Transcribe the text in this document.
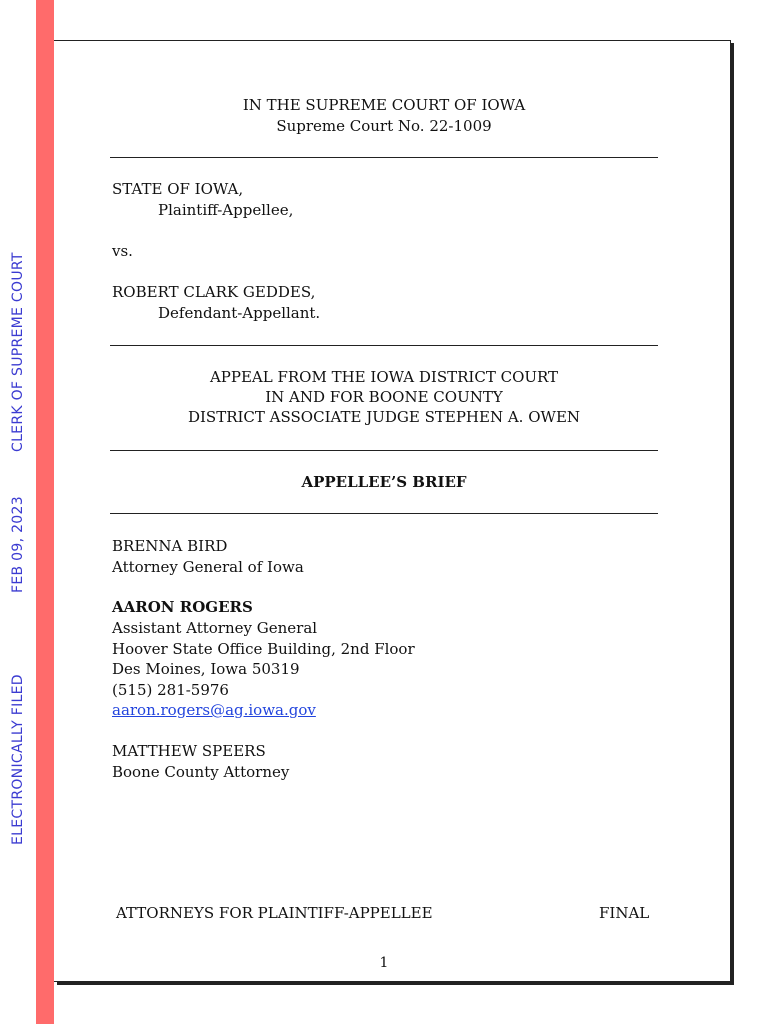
ELECTRONICALLY FILED
FEB 09, 2023
CLERK OF SUPREME COURT
IN THE SUPREME COURT OF IOWA
Supreme Court No. 22-1009
STATE OF IOWA,
Plaintiff-Appellee,
vs.
ROBERT CLARK GEDDES,
Defendant-Appellant.
APPEAL FROM THE IOWA DISTRICT COURT
IN AND FOR BOONE COUNTY
DISTRICT ASSOCIATE JUDGE STEPHEN A. OWEN
APPELLEE’S BRIEF
BRENNA BIRD
Attorney General of Iowa
AARON ROGERS
Assistant Attorney General
Hoover State Office Building, 2nd Floor
Des Moines, Iowa 50319
(515) 281-5976
aaron.rogers@ag.iowa.gov
MATTHEW SPEERS
Boone County Attorney
ATTORNEYS FOR PLAINTIFF-APPELLEE	FINAL
1
